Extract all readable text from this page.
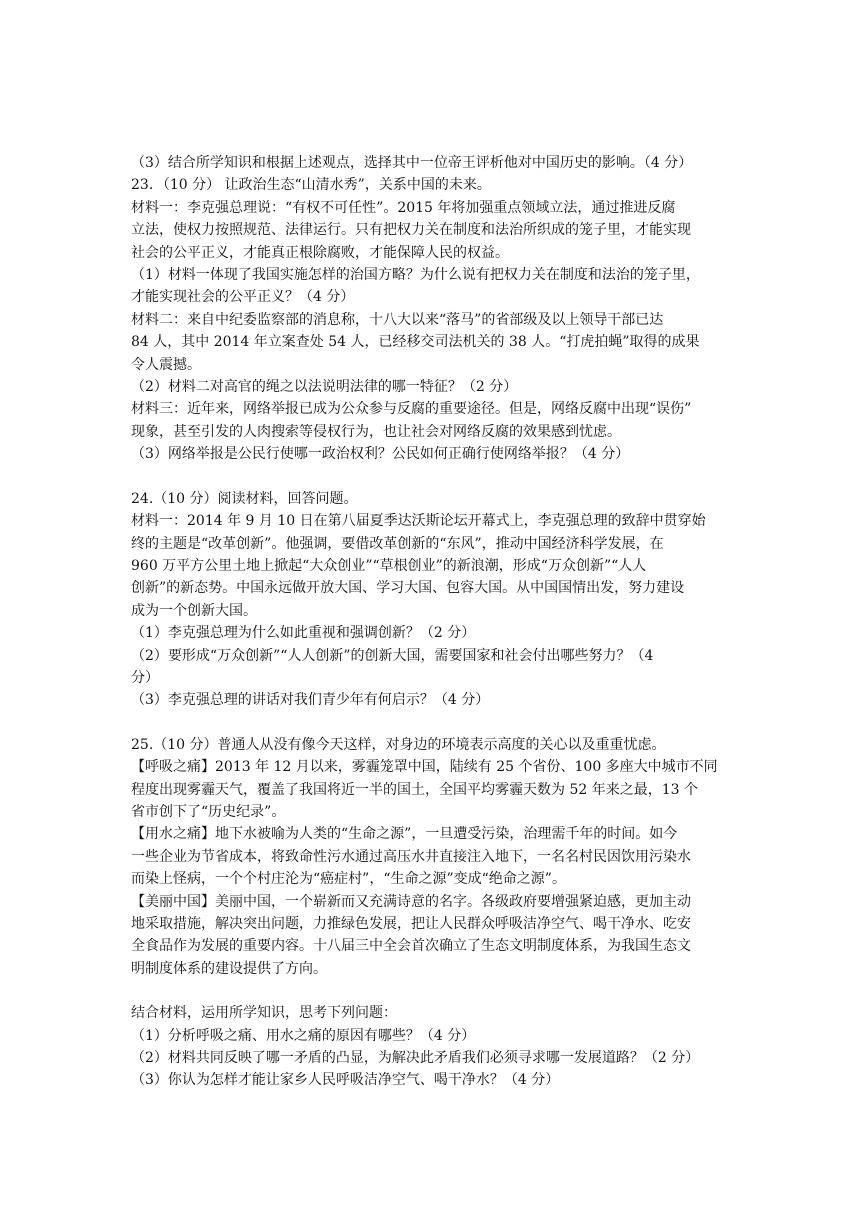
（3）结合所学知识和根据上述观点，选择其中一位帝王评析他对中国历史的影响。（4 分）

23．（10 分） 让政治生态“山清水秀”，关系中国的未来。

材料一：李克强总理说：“有权不可任性”。2015 年将加强重点领域立法，通过推进反腐

立法，使权力按照规范、法律运行。只有把权力关在制度和法治所织成的笼子里，才能实现

社会的公平正义，才能真正根除腐败，才能保障人民的权益。

（1）材料一体现了我国实施怎样的治国方略？为什么说有把权力关在制度和法治的笼子里，

才能实现社会的公平正义？（4 分）

材料二：来自中纪委监察部的消息称，十八大以来“落马”的省部级及以上领导干部已达

84 人，其中 2014 年立案查处 54 人，已经移交司法机关的 38 人。“打虎拍蝇”取得的成果

令人震撼。

（2）材料二对高官的绳之以法说明法律的哪一特征？（2 分）

材料三：近年来，网络举报已成为公众参与反腐的重要途径。但是，网络反腐中出现“误伤”

现象，甚至引发的人肉搜索等侵权行为，也让社会对网络反腐的效果感到忧虑。

（3）网络举报是公民行使哪一政治权利？公民如何正确行使网络举报？（4 分）

24.（10 分）阅读材料，回答问题。

材料一：2014 年 9 月 10 日在第八届夏季达沃斯论坛开幕式上，李克强总理的致辞中贯穿始

终的主题是“改革创新”。他强调，要借改革创新的“东风”，推动中国经济科学发展，在

960 万平方公里土地上掀起“大众创业”“草根创业”的新浪潮，形成“万众创新”“人人

创新”的新态势。中国永远做开放大国、学习大国、包容大国。从中国国情出发，努力建设

成为一个创新大国。

（1）李克强总理为什么如此重视和强调创新？（2 分）

（2）要形成“万众创新”“人人创新”的创新大国，需要国家和社会付出哪些努力？（4

分）

（3）李克强总理的讲话对我们青少年有何启示？（4 分）

25.（10 分）普通人从没有像今天这样，对身边的环境表示高度的关心以及重重忧虑。

【呼吸之痛】2013 年 12 月以来，雾霾笼罩中国，陆续有 25 个省份、100 多座大中城市不同

程度出现雾霾天气，覆盖了我国将近一半的国土，全国平均雾霾天数为 52 年来之最，13 个

省市创下了“历史纪录”。

【用水之痛】地下水被喻为人类的“生命之源”，一旦遭受污染，治理需千年的时间。如今

一些企业为节省成本，将致命性污水通过高压水井直接注入地下，一名名村民因饮用污染水

而染上怪病，一个个村庄沦为“癌症村”，“生命之源”变成“绝命之源”。

【美丽中国】美丽中国，一个崭新而又充满诗意的名字。各级政府要增强紧迫感，更加主动

地采取措施，解决突出问题，力推绿色发展，把让人民群众呼吸洁净空气、喝干净水、吃安

全食品作为发展的重要内容。十八届三中全会首次确立了生态文明制度体系，为我国生态文

明制度体系的建设提供了方向。

结合材料，运用所学知识，思考下列问题：

（1）分析呼吸之痛、用水之痛的原因有哪些？（4 分）

（2）材料共同反映了哪一矛盾的凸显，为解决此矛盾我们必须寻求哪一发展道路？（2 分）

（3）你认为怎样才能让家乡人民呼吸洁净空气、喝干净水？（4 分）
